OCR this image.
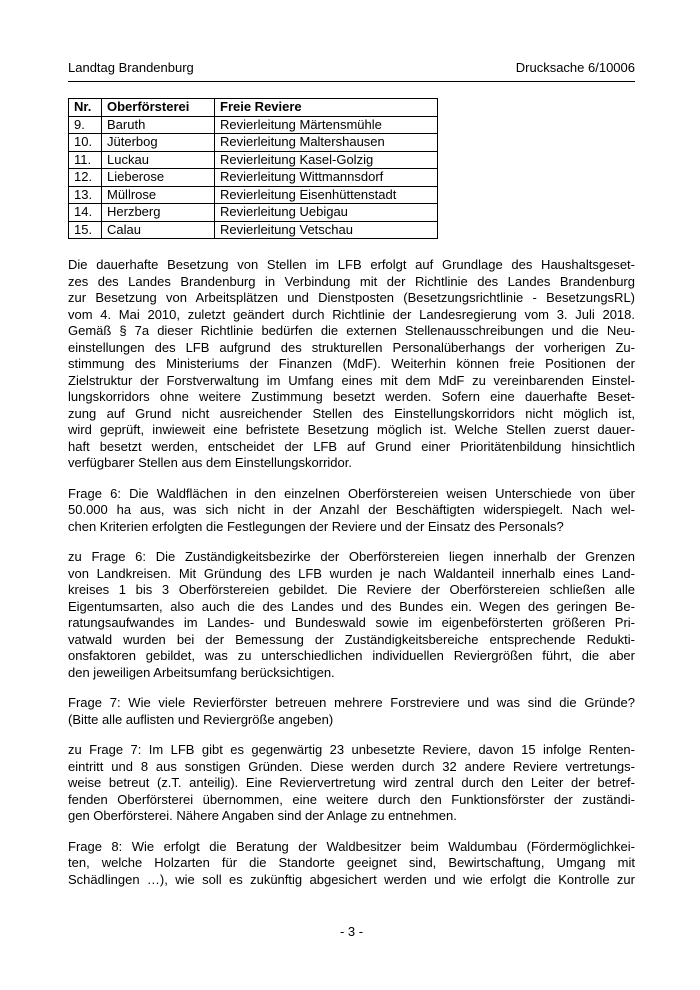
Landtag Brandenburg	Drucksache 6/10006
Nr.	Oberförsterei	Freie Reviere
9.	Baruth	Revierleitung Märtensmühle
10.	Jüterbog	Revierleitung Maltershausen
11.	Luckau	Revierleitung Kasel-Golzig
12.	Lieberose	Revierleitung Wittmannsdorf
13.	Müllrose	Revierleitung Eisenhüttenstadt
14.	Herzberg	Revierleitung Uebigau
15.	Calau	Revierleitung Vetschau
Die dauerhafte Besetzung von Stellen im LFB erfolgt auf Grundlage des Haushaltsgeset-
zes des Landes Brandenburg in Verbindung mit der Richtlinie des Landes Brandenburg
zur Besetzung von Arbeitsplätzen und Dienstposten (Besetzungsrichtlinie - BesetzungsRL)
vom 4. Mai 2010, zuletzt geändert durch Richtlinie der Landesregierung vom 3. Juli 2018.
Gemäß § 7a dieser Richtlinie bedürfen die externen Stellenausschreibungen und die Neu-
einstellungen des LFB aufgrund des strukturellen Personalüberhangs der vorherigen Zu-
stimmung des Ministeriums der Finanzen (MdF). Weiterhin können freie Positionen der
Zielstruktur der Forstverwaltung im Umfang eines mit dem MdF zu vereinbarenden Einstel-
lungskorridors ohne weitere Zustimmung besetzt werden. Sofern eine dauerhafte Beset-
zung auf Grund nicht ausreichender Stellen des Einstellungskorridors nicht möglich ist,
wird geprüft, inwieweit eine befristete Besetzung möglich ist. Welche Stellen zuerst dauer-
haft besetzt werden, entscheidet der LFB auf Grund einer Prioritätenbildung hinsichtlich
verfügbarer Stellen aus dem Einstellungskorridor.
Frage 6: Die Waldflächen in den einzelnen Oberförstereien weisen Unterschiede von über
50.000 ha aus, was sich nicht in der Anzahl der Beschäftigten widerspiegelt. Nach wel-
chen Kriterien erfolgten die Festlegungen der Reviere und der Einsatz des Personals?
zu Frage 6: Die Zuständigkeitsbezirke der Oberförstereien liegen innerhalb der Grenzen
von Landkreisen. Mit Gründung des LFB wurden je nach Waldanteil innerhalb eines Land-
kreises 1 bis 3 Oberförstereien gebildet. Die Reviere der Oberförstereien schließen alle
Eigentumsarten, also auch die des Landes und des Bundes ein. Wegen des geringen Be-
ratungsaufwandes im Landes- und Bundeswald sowie im eigenbeförsterten größeren Pri-
vatwald wurden bei der Bemessung der Zuständigkeitsbereiche entsprechende Redukti-
onsfaktoren gebildet, was zu unterschiedlichen individuellen Reviergrößen führt, die aber
den jeweiligen Arbeitsumfang berücksichtigen.
Frage 7: Wie viele Revierförster betreuen mehrere Forstreviere und was sind die Gründe?
(Bitte alle auflisten und Reviergröße angeben)
zu Frage 7: Im LFB gibt es gegenwärtig 23 unbesetzte Reviere, davon 15 infolge Renten-
eintritt und 8 aus sonstigen Gründen. Diese werden durch 32 andere Reviere vertretungs-
weise betreut (z.T. anteilig). Eine Reviervertretung wird zentral durch den Leiter der betref-
fenden Oberförsterei übernommen, eine weitere durch den Funktionsförster der zuständi-
gen Oberförsterei. Nähere Angaben sind der Anlage zu entnehmen.
Frage 8: Wie erfolgt die Beratung der Waldbesitzer beim Waldumbau (Fördermöglichkei-
ten, welche Holzarten für die Standorte geeignet sind, Bewirtschaftung, Umgang mit
Schädlingen …), wie soll es zukünftig abgesichert werden und wie erfolgt die Kontrolle zur
- 3 -
